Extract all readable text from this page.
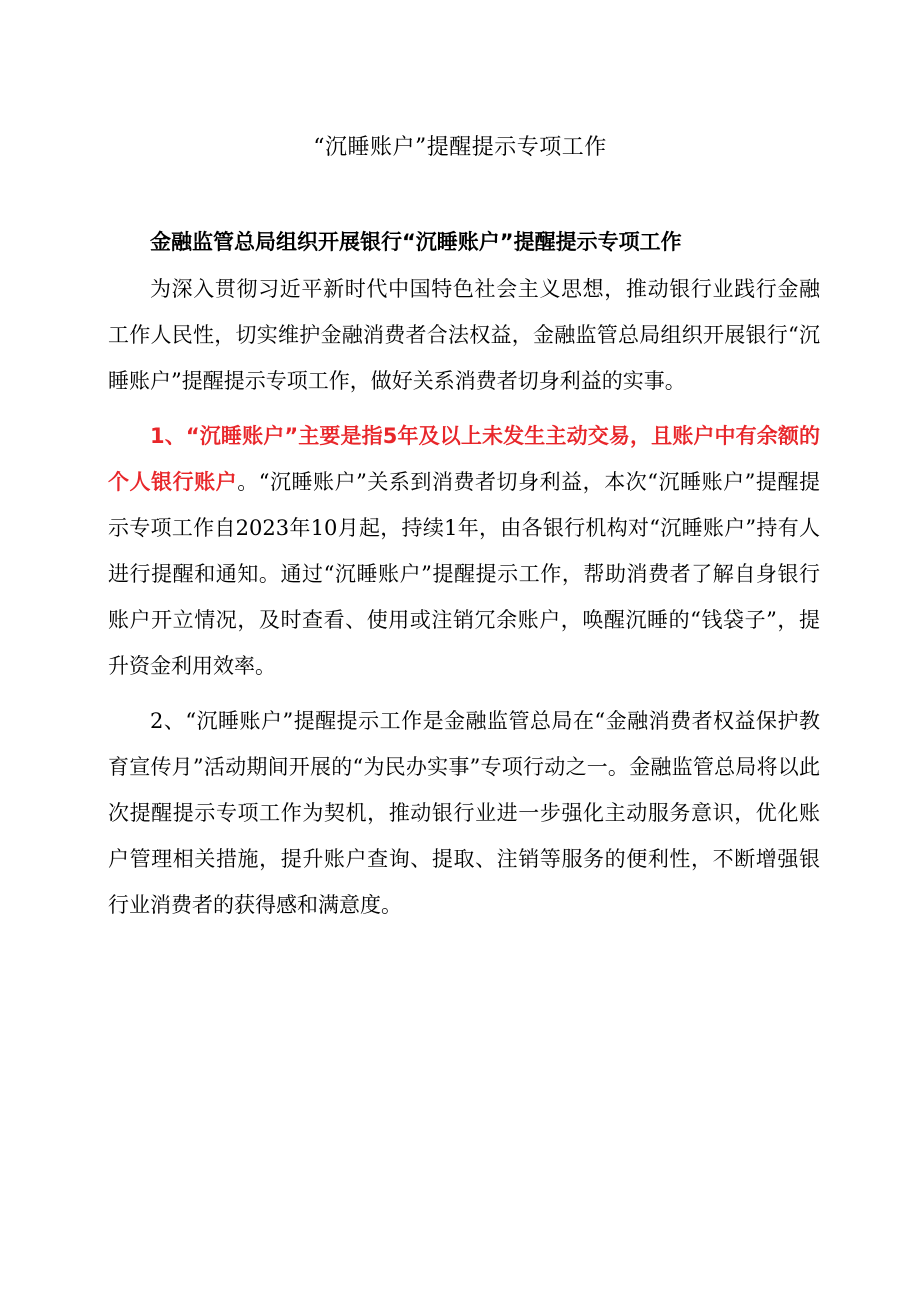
“沉睡账户”提醒提示专项工作
金融监管总局组织开展银行“沉睡账户”提醒提示专项工作

为深入贯彻习近平新时代中国特色社会主义思想，推动银行业践行金融工作人民性，切实维护金融消费者合法权益，金融监管总局组织开展银行“沉睡账户”提醒提示专项工作，做好关系消费者切身利益的实事。

1、“沉睡账户”主要是指5年及以上未发生主动交易，且账户中有余额的个人银行账户。“沉睡账户”关系到消费者切身利益，本次“沉睡账户”提醒提示专项工作自2023年10月起，持续1年，由各银行机构对“沉睡账户”持有人进行提醒和通知。通过“沉睡账户”提醒提示工作，帮助消费者了解自身银行账户开立情况，及时查看、使用或注销冗余账户，唤醒沉睡的“钱袋子”，提升资金利用效率。

2、“沉睡账户”提醒提示工作是金融监管总局在“金融消费者权益保护教育宣传月”活动期间开展的“为民办实事”专项行动之一。金融监管总局将以此次提醒提示专项工作为契机，推动银行业进一步强化主动服务意识，优化账户管理相关措施，提升账户查询、提取、注销等服务的便利性，不断增强银行业消费者的获得感和满意度。
